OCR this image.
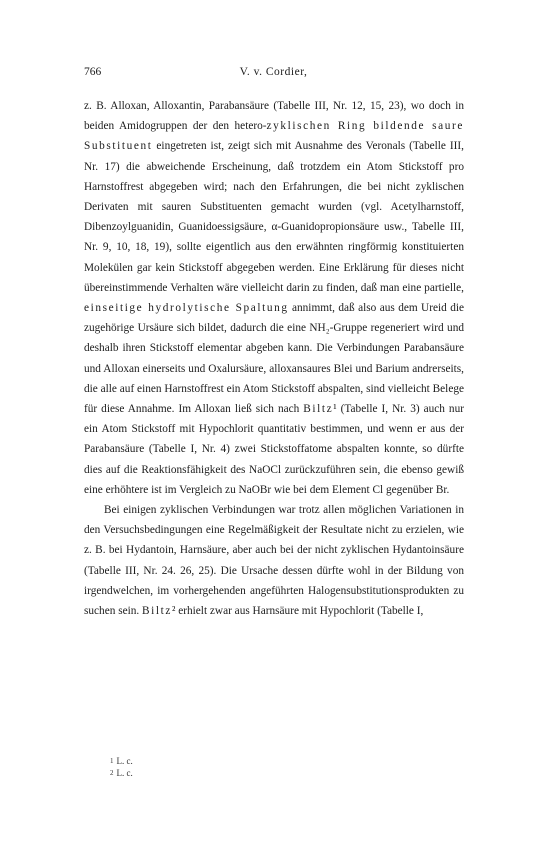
766	V. v. Cordier,

z. B. Alloxan, Alloxantin, Parabansäure (Tabelle III, Nr. 12, 15, 23), wo doch in beiden Amidogruppen der den hetero-zyklischen Ring bildende saure Substituent eingetreten ist, zeigt sich mit Ausnahme des Veronals (Tabelle III, Nr. 17) die abweichende Erscheinung, daß trotzdem ein Atom Stickstoff pro Harnstoffrest abgegeben wird; nach den Erfahrungen, die bei nicht zyklischen Derivaten mit sauren Substituenten gemacht wurden (vgl. Acetylharnstoff, Dibenzoylguanidin, Guanidoessigsäure, α-Guanidopropionsäure usw., Tabelle III, Nr. 9, 10, 18, 19), sollte eigentlich aus den erwähnten ringförmig konstituierten Molekülen gar kein Stickstoff abgegeben werden. Eine Erklärung für dieses nicht übereinstimmende Verhalten wäre vielleicht darin zu finden, daß man eine partielle, einseitige hydrolytische Spaltung annimmt, daß also aus dem Ureid die zugehörige Ursäure sich bildet, dadurch die eine NH₂-Gruppe regeneriert wird und deshalb ihren Stickstoff elementar abgeben kann. Die Verbindungen Parabansäure und Alloxan einerseits und Oxalursäure, alloxansaures Blei und Barium andrerseits, die alle auf einen Harnstoffrest ein Atom Stickstoff abspalten, sind vielleicht Belege für diese Annahme. Im Alloxan ließ sich nach Biltz¹ (Tabelle I, Nr. 3) auch nur ein Atom Stickstoff mit Hypochlorit quantitativ bestimmen, und wenn er aus der Parabansäure (Tabelle I, Nr. 4) zwei Stickstoffatome abspalten konnte, so dürfte dies auf die Reaktionsfähigkeit des NaOCl zurückzuführen sein, die ebenso gewiß eine erhöhtere ist im Vergleich zu NaOBr wie bei dem Element Cl gegenüber Br.

Bei einigen zyklischen Verbindungen war trotz allen möglichen Variationen in den Versuchsbedingungen eine Regelmäßigkeit der Resultate nicht zu erzielen, wie z. B. bei Hydantoin, Harnsäure, aber auch bei der nicht zyklischen Hydantoinsäure (Tabelle III, Nr. 24. 26, 25). Die Ursache dessen dürfte wohl in der Bildung von irgendwelchen, im vorhergehenden angeführten Halogensubstitutionsprodukten zu suchen sein. Biltz² erhielt zwar aus Harnsäure mit Hypochlorit (Tabelle I,

$^1$ L. c.
$^2$ L. c.
